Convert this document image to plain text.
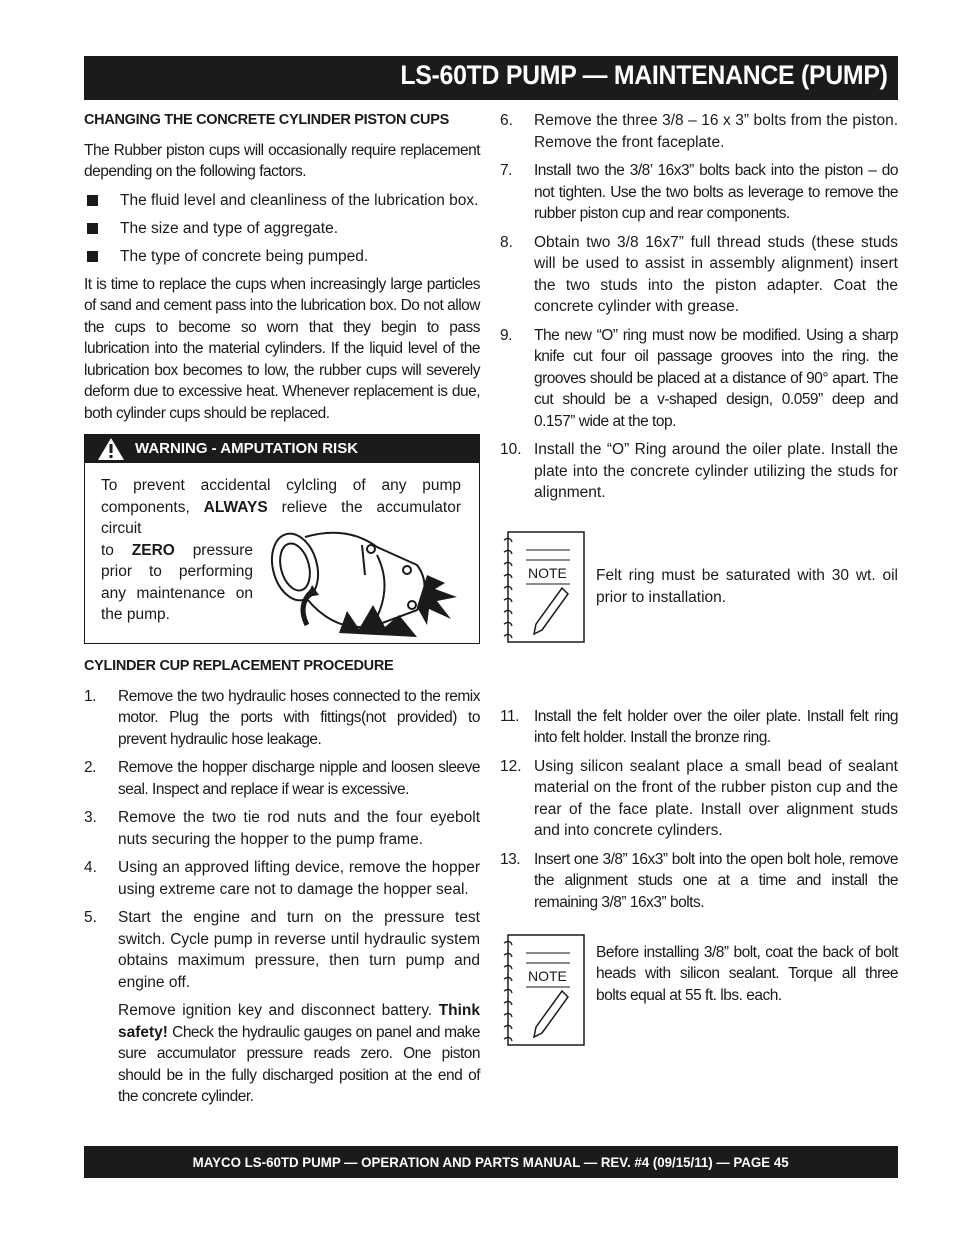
LS-60TD PUMP — MAINTENANCE (PUMP)
CHANGING THE CONCRETE CYLINDER PISTON CUPS

The Rubber piston cups will occasionally require replacement depending on the following factors.

The fluid level and cleanliness of the lubrication box.
The size and type of aggregate.
The type of concrete being pumped.

It is time to replace the cups when increasingly large particles of sand and cement pass into the lubrication box. Do not allow the cups to become so worn that they begin to pass lubrication into the material cylinders. If the liquid level of the lubrication box becomes to low, the rubber cups will severely deform due to excessive heat. Whenever replacement is due, both cylinder cups should be replaced.

WARNING - AMPUTATION RISK
To prevent accidental cylcling of any pump components, ALWAYS relieve the accumulator circuit
to ZERO pressure prior to performing any maintenance on the pump.
CYLINDER CUP REPLACEMENT PROCEDURE
1.	Remove the two hydraulic hoses connected to the remix motor. Plug the ports with fittings(not provided) to prevent hydraulic hose leakage.
2.	Remove the hopper discharge nipple and loosen sleeve seal. Inspect and replace if wear is excessive.
3.	Remove the two tie rod nuts and the four eyebolt nuts securing the hopper to the pump frame.
4.	Using an approved lifting device, remove the hopper using extreme care not to damage the hopper seal.
5.	Start the engine and turn on the pressure test switch. Cycle pump in reverse until hydraulic system obtains maximum pressure, then turn pump and engine off.
Remove ignition key and disconnect battery. Think safety! Check the hydraulic gauges on panel and make sure accumulator pressure reads zero. One piston should be in the fully discharged position at the end of the concrete cylinder.
6.	Remove the three 3/8 – 16 x 3” bolts from the piston. Remove the front faceplate.
7.	Install two the 3/8’ 16x3” bolts back into the piston – do not tighten. Use the two bolts as leverage to remove the rubber piston cup and rear components.
8.	Obtain two 3/8 16x7” full thread studs (these studs will be used to assist in assembly alignment) insert the two studs into the piston adapter. Coat the concrete cylinder with grease.
9.	The new “O” ring must now be modified. Using a sharp knife cut four oil passage grooves into the ring. the grooves should be placed at a distance of 90° apart. The cut should be a v-shaped design, 0.059” deep and 0.157” wide at the top.
10. Install the “O” Ring around the oiler plate. Install the plate into the concrete cylinder utilizing the studs for alignment.
NOTE Felt ring must be saturated with 30 wt. oil prior to installation.
11. Install the felt holder over the oiler plate. Install felt ring into felt holder. Install the bronze ring.
12. Using silicon sealant place a small bead of sealant material on the front of the rubber piston cup and the rear of the face plate. Install over alignment studs and into concrete cylinders.
13. Insert one 3/8” 16x3” bolt into the open bolt hole, remove the alignment studs one at a time and install the remaining 3/8” 16x3” bolts.
NOTE
Before installing 3/8” bolt, coat the back of bolt heads with silicon sealant. Torque all three bolts equal at 55 ft. lbs. each.
MAYCO LS-60TD PUMP — OPERATION AND PARTS MANUAL — REV. #4 (09/15/11) — PAGE 45
